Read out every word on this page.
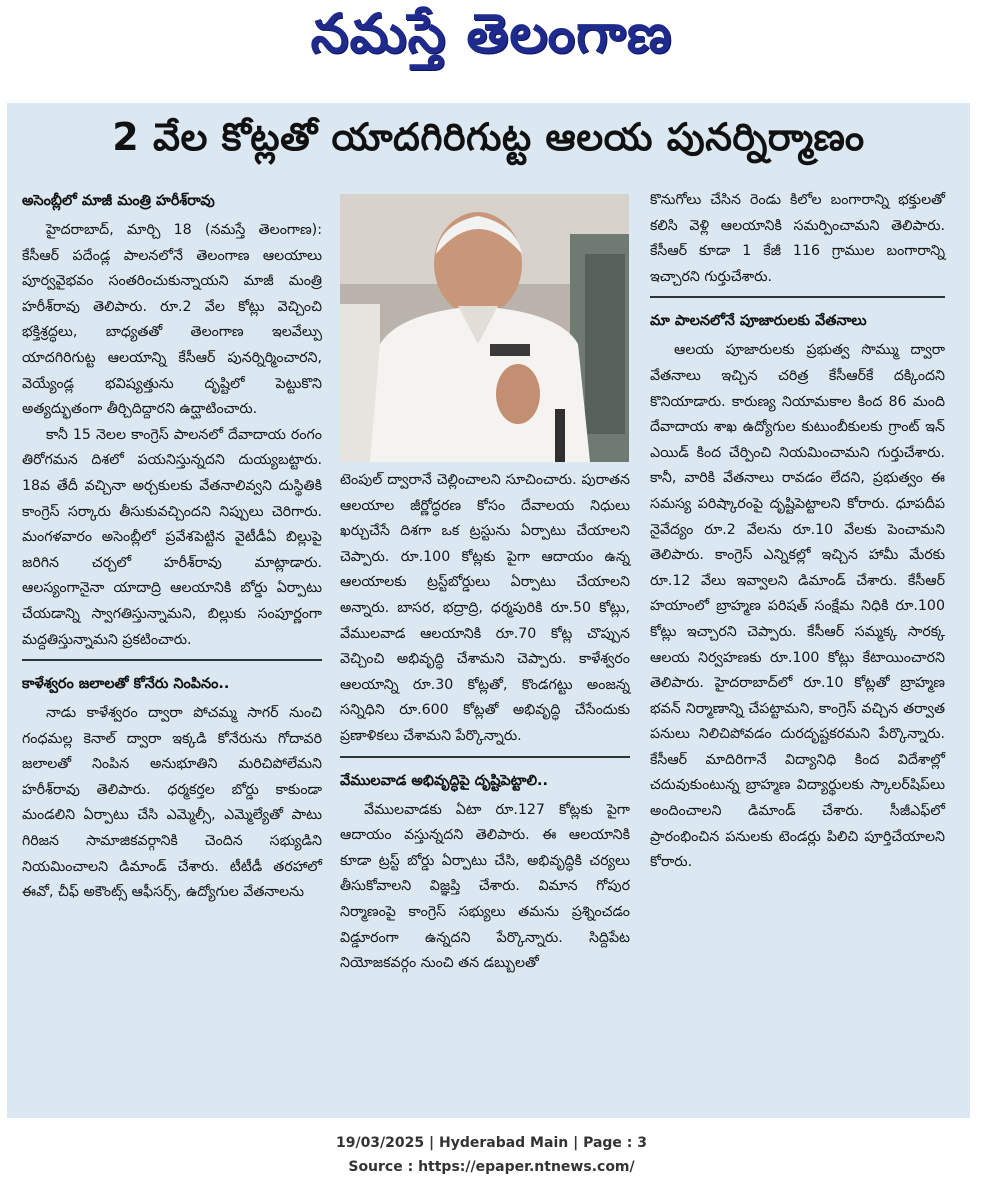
నమస్తే తెలంగాణ
2 వేల కోట్లతో యాదగిరిగుట్ట ఆలయ పునర్నిర్మాణం
అసెంబ్లీలో మాజీ మంత్రి హరీశ్‌రావు

హైదరాబాద్, మార్చి 18 (నమస్తే తెలంగాణ): కేసీఆర్ పదేండ్ల పాలనలోనే తెలంగాణ ఆలయాలు పూర్వవైభవం సంతరించుకున్నాయని మాజీ మంత్రి హరీశ్‌రావు తెలిపారు. రూ.2 వేల కోట్లు వెచ్చించి భక్తిశ్రద్ధలు, బాధ్యతతో తెలంగాణ ఇలవేల్పు యాదగిరిగుట్ట ఆలయాన్ని కేసీఆర్ పునర్నిర్మించారని, వెయ్యేండ్ల భవిష్యత్తును దృష్టిలో పెట్టుకొని అత్యద్భుతంగా తీర్చిదిద్దారని ఉద్ఘాటించారు.

కానీ 15 నెలల కాంగ్రెస్ పాలనలో దేవాదాయ రంగం తిరోగమన దిశలో పయనిస్తున్నదని దుయ్యబట్టారు. 18వ తేదీ వచ్చినా అర్చకులకు వేతనాలివ్వని దుస్థితికి కాంగ్రెస్ సర్కారు తీసుకువచ్చిందని నిప్పులు చెరిగారు. మంగళవారం అసెంబ్లీలో ప్రవేశపెట్టిన వైటీడీఏ బిల్లుపై జరిగిన చర్చలో హరీశ్‌రావు మాట్లాడారు. ఆలస్యంగానైనా యాదాద్రి ఆలయానికి బోర్డు ఏర్పాటు చేయడాన్ని స్వాగతిస్తున్నామని, బిల్లుకు సంపూర్ణంగా మద్దతిస్తున్నామని ప్రకటించారు.

కాళేశ్వరం జలాలతో కోనేరు నింపినం..

నాడు కాళేశ్వరం ద్వారా పోచమ్మ సాగర్ నుంచి గంధమల్ల కెనాల్ ద్వారా ఇక్కడి కోనేరును గోదావరి జలాలతో నింపిన అనుభూతిని మరిచిపోలేమని హరీశ్‌రావు తెలిపారు. ధర్మకర్తల బోర్డు కాకుండా మండలిని ఏర్పాటు చేసి ఎమ్మెల్సీ, ఎమ్మెల్యేతో పాటు గిరిజన సామాజికవర్గానికి చెందిన సభ్యుడిని నియమించాలని డిమాండ్ చేశారు. టీటీడీ తరహాలో ఈవో, చీఫ్ అకౌంట్స్ ఆఫీసర్స్, ఉద్యోగుల వేతనాలను

టెంపుల్ ద్వారానే చెల్లించాలని సూచించారు. పురాతన ఆలయాల జీర్ణోద్ధరణ కోసం దేవాలయ నిధులు ఖర్చుచేసే దిశగా ఒక ట్రస్టును ఏర్పాటు చేయాలని చెప్పారు. రూ.100 కోట్లకు పైగా ఆదాయం ఉన్న ఆలయాలకు ట్రస్ట్‌బోర్డులు ఏర్పాటు చేయాలని అన్నారు. బాసర, భద్రాద్రి, ధర్మపురికి రూ.50 కోట్లు, వేములవాడ ఆలయానికి రూ.70 కోట్ల చొప్పున వెచ్చించి అభివృద్ధి చేశామని చెప్పారు. కాళేశ్వరం ఆలయాన్ని రూ.30 కోట్లతో, కొండగట్టు అంజన్న సన్నిధిని రూ.600 కోట్లతో అభివృద్ధి చేసేందుకు ప్రణాళికలు చేశామని పేర్కొన్నారు.

వేములవాడ అభివృద్ధిపై దృష్టిపెట్టాలి..

వేములవాడకు ఏటా రూ.127 కోట్లకు పైగా ఆదాయం వస్తున్నదని తెలిపారు. ఈ ఆలయానికి కూడా ట్రస్ట్ బోర్డు ఏర్పాటు చేసి, అభివృద్ధికి చర్యలు తీసుకోవాలని విజ్ఞప్తి చేశారు. విమాన గోపుర నిర్మాణంపై కాంగ్రెస్ సభ్యులు తమను ప్రశ్నించడం విడ్డూరంగా ఉన్నదని పేర్కొన్నారు. సిద్దిపేట నియోజకవర్గం నుంచి తన డబ్బులతో

కొనుగోలు చేసిన రెండు కిలోల బంగారాన్ని భక్తులతో కలిసి వెళ్లి ఆలయానికి సమర్పించామని తెలిపారు. కేసీఆర్ కూడా 1 కేజీ 116 గ్రాముల బంగారాన్ని ఇచ్చారని గుర్తుచేశారు.

మా పాలనలోనే పూజారులకు వేతనాలు

ఆలయ పూజారులకు ప్రభుత్వ సొమ్ము ద్వారా వేతనాలు ఇచ్చిన చరిత్ర కేసీఆర్‌కే దక్కిందని కొనియాడారు. కారుణ్య నియామకాల కింద 86 మంది దేవాదాయ శాఖ ఉద్యోగుల కుటుంబీకులకు గ్రాంట్ ఇన్ ఎయిడ్ కింద చేర్పించి నియమించామని గుర్తుచేశారు. కానీ, వారికి వేతనాలు రావడం లేదని, ప్రభుత్వం ఈ సమస్య పరిష్కారంపై దృష్టిపెట్టాలని కోరారు. ధూపదీప నైవేద్యం రూ.2 వేలను రూ.10 వేలకు పెంచామని తెలిపారు. కాంగ్రెస్ ఎన్నికల్లో ఇచ్చిన హామీ మేరకు రూ.12 వేలు ఇవ్వాలని డిమాండ్ చేశారు. కేసీఆర్ హయాంలో బ్రాహ్మణ పరిషత్ సంక్షేమ నిధికి రూ.100 కోట్లు ఇచ్చారని చెప్పారు. కేసీఆర్ సమ్మక్క సారక్క ఆలయ నిర్వహణకు రూ.100 కోట్లు కేటాయించారని తెలిపారు. హైదరాబాద్‌లో రూ.10 కోట్లతో బ్రాహ్మణ భవన్ నిర్మాణాన్ని చేపట్టామని, కాంగ్రెస్ వచ్చిన తర్వాత పనులు నిలిచిపోవడం దురదృష్టకరమని పేర్కొన్నారు. కేసీఆర్ మాదిరిగానే విద్యానిధి కింద విదేశాల్లో చదువుకుంటున్న బ్రాహ్మణ విద్యార్థులకు స్కాలర్‌షిప్‌లు అందించాలని డిమాండ్ చేశారు. సీజీఎఫ్‌లో ప్రారంభించిన పనులకు టెండర్లు పిలిచి పూర్తిచేయాలని కోరారు.

19/03/2025 | Hyderabad Main | Page : 3
Source : https://epaper.ntnews.com/
